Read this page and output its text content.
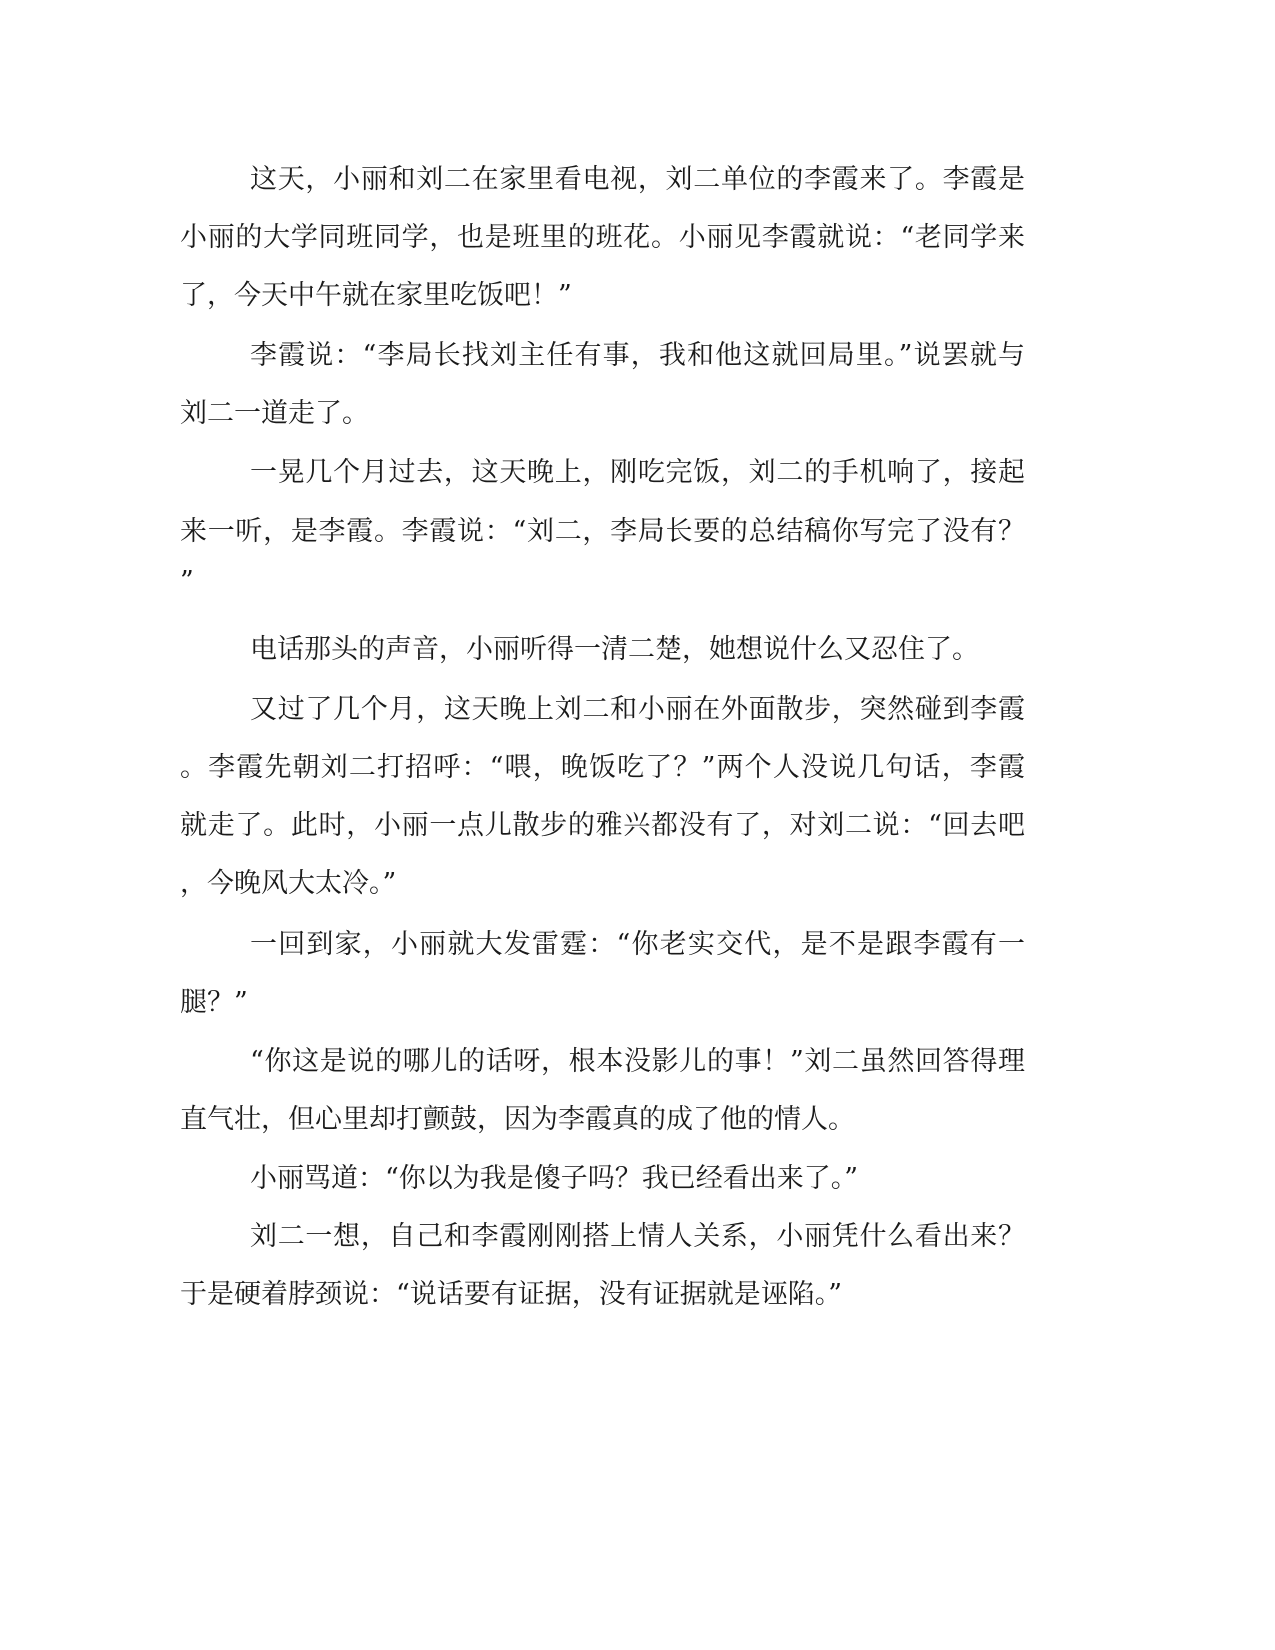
这天，小丽和刘二在家里看电视，刘二单位的李霞来了。李霞是
小丽的大学同班同学，也是班里的班花。小丽见李霞就说：“老同学来
了，今天中午就在家里吃饭吧！”
李霞说：“李局长找刘主任有事，我和他这就回局里。”说罢就与
刘二一道走了。
一晃几个月过去，这天晚上，刚吃完饭，刘二的手机响了，接起
来一听，是李霞。李霞说：“刘二，李局长要的总结稿你写完了没有？
”
电话那头的声音，小丽听得一清二楚，她想说什么又忍住了。
又过了几个月，这天晚上刘二和小丽在外面散步，突然碰到李霞
。李霞先朝刘二打招呼：“喂，晚饭吃了？”两个人没说几句话，李霞
就走了。此时，小丽一点儿散步的雅兴都没有了，对刘二说：“回去吧
，今晚风大太冷。”
一回到家，小丽就大发雷霆：“你老实交代，是不是跟李霞有一
腿？”
“你这是说的哪儿的话呀，根本没影儿的事！”刘二虽然回答得理
直气壮，但心里却打颤鼓，因为李霞真的成了他的情人。
小丽骂道：“你以为我是傻子吗？我已经看出来了。”
刘二一想，自己和李霞刚刚搭上情人关系，小丽凭什么看出来？
于是硬着脖颈说：“说话要有证据，没有证据就是诬陷。”
